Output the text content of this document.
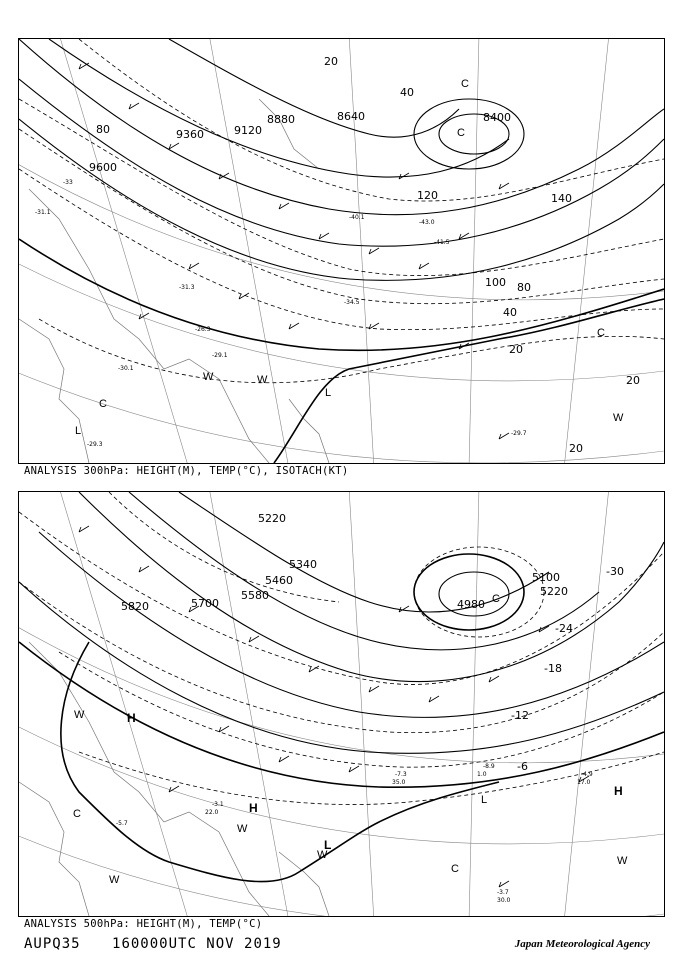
9600
9360	9120
8880	8640	8400
20
40
80
120	140
100 80
40
20
20
20
C
C
W	W
W
L
L
C
C
-33
-31.1
-40.1
-43.0
-41.5
-34.5
-29.7
-29.1
-26.3
-30.1
-29.3
-31.3
ANALYSIS 300hPa: HEIGHT(M), TEMP(°C), ISOTACH(KT)
5820	5700
5580
5460
5340
5220
4980
5100
5220
-30
-24
-18
-12
-6
H
W
H
W
W
L
C
C
W
H
W
C
L
-8.9
-4.9
-7.3
-3.7
-3.1
-5.7
30.0
17.0
35.0
22.0
1.0
ANALYSIS 500hPa: HEIGHT(M), TEMP(°C)
AUPQ35 160000UTC NOV 2019	Japan Meteorological Agency
